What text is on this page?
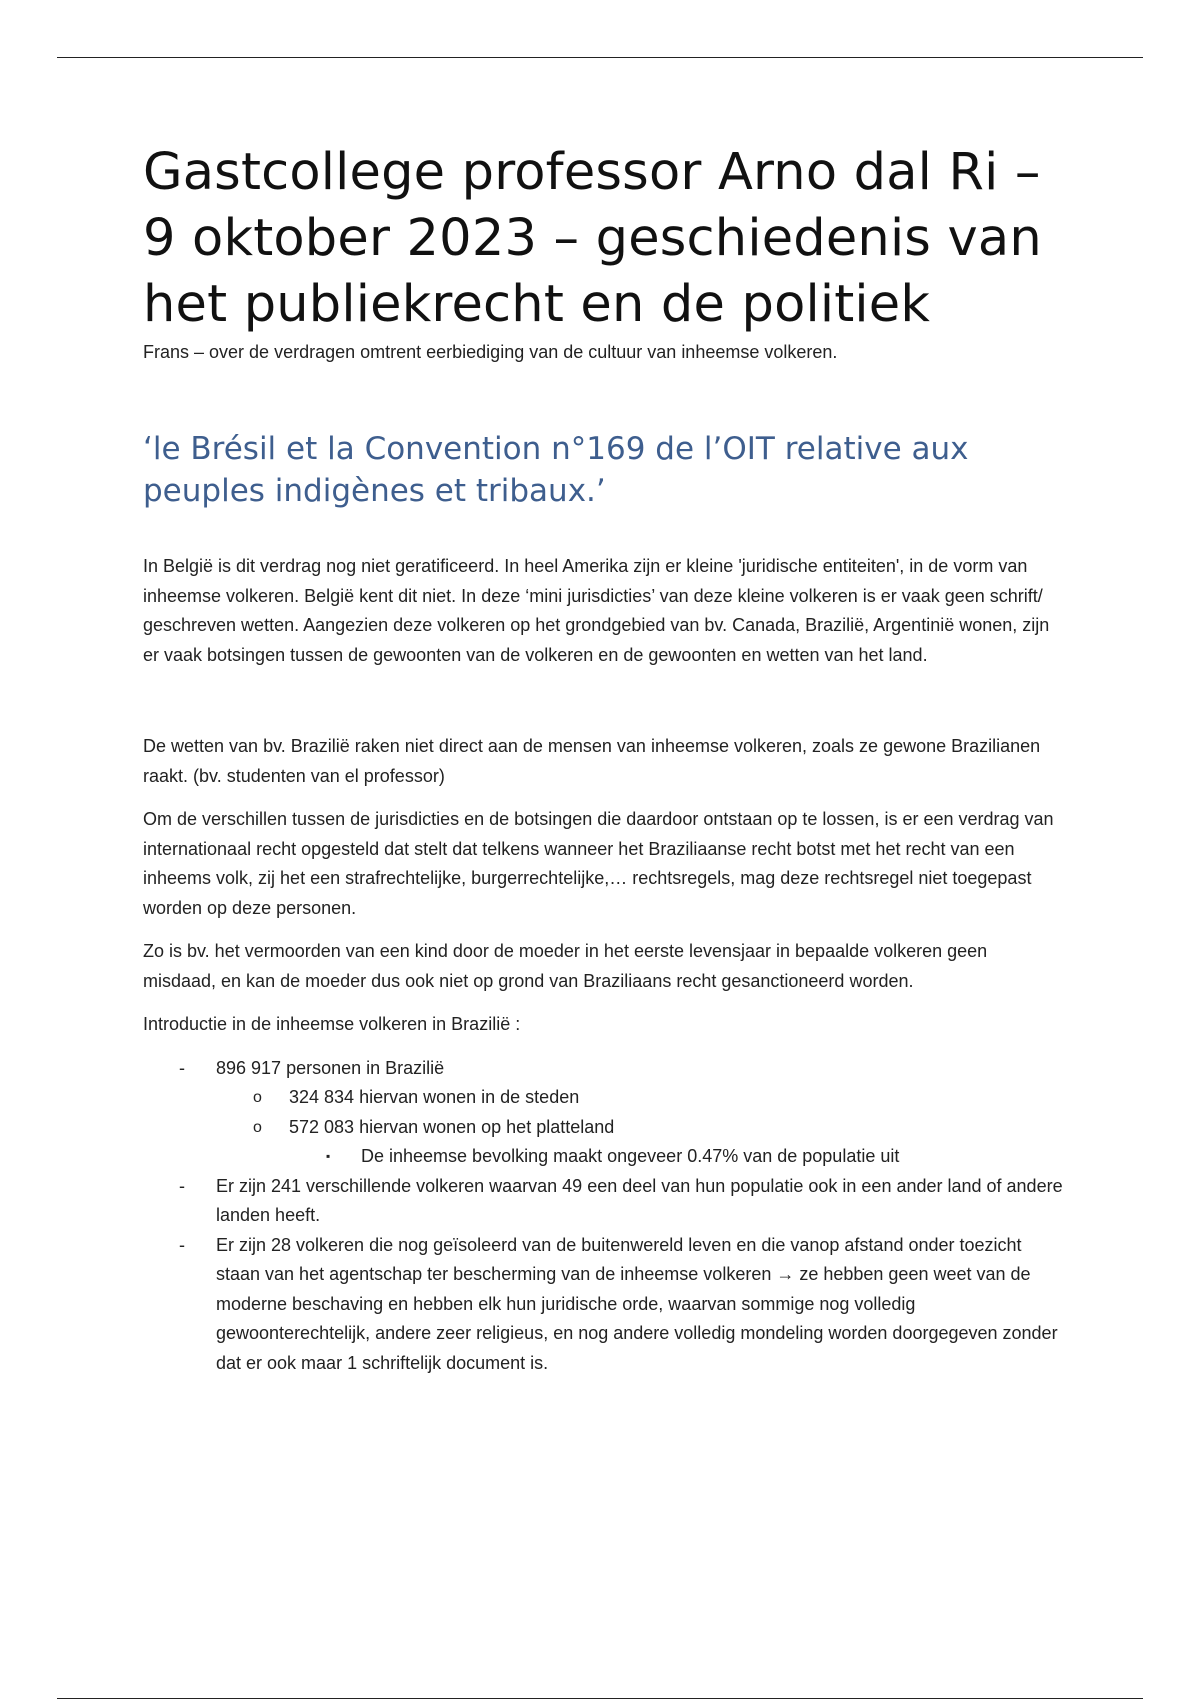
Gastcollege professor Arno dal Ri – 9 oktober 2023 – geschiedenis van het publiekrecht en de politiek

Frans – over de verdragen omtrent eerbiediging van de cultuur van inheemse volkeren.

‘le Brésil et la Convention n°169 de l’OIT relative aux peuples indigènes et tribaux.’

In België is dit verdrag nog niet geratificeerd. In heel Amerika zijn er kleine 'juridische entiteiten', in de vorm van inheemse volkeren. België kent dit niet. In deze ‘mini jurisdicties’ van deze kleine volkeren is er vaak geen schrift/ geschreven wetten. Aangezien deze volkeren op het grondgebied van bv. Canada, Brazilië, Argentinië wonen, zijn er vaak botsingen tussen de gewoonten van de volkeren en de gewoonten en wetten van het land.

De wetten van bv. Brazilië raken niet direct aan de mensen van inheemse volkeren, zoals ze gewone Brazilianen raakt. (bv. studenten van el professor)

Om de verschillen tussen de jurisdicties en de botsingen die daardoor ontstaan op te lossen, is er een verdrag van internationaal recht opgesteld dat stelt dat telkens wanneer het Braziliaanse recht botst met het recht van een inheems volk, zij het een strafrechtelijke, burgerrechtelijke,… rechtsregels, mag deze rechtsregel niet toegepast worden op deze personen.

Zo is bv. het vermoorden van een kind door de moeder in het eerste levensjaar in bepaalde volkeren geen misdaad, en kan de moeder dus ook niet op grond van Braziliaans recht gesanctioneerd worden.

Introductie in de inheemse volkeren in Brazilië :

- 896 917 personen in Brazilië
o 324 834 hiervan wonen in de steden
o 572 083 hiervan wonen op het platteland
▪ De inheemse bevolking maakt ongeveer 0.47% van de populatie uit
- Er zijn 241 verschillende volkeren waarvan 49 een deel van hun populatie ook in een ander land of andere landen heeft.
- Er zijn 28 volkeren die nog geïsoleerd van de buitenwereld leven en die vanop afstand onder toezicht staan van het agentschap ter bescherming van de inheemse volkeren → ze hebben geen weet van de moderne beschaving en hebben elk hun juridische orde, waarvan sommige nog volledig gewoonterechtelijk, andere zeer religieus, en nog andere volledig mondeling worden doorgegeven zonder dat er ook maar 1 schriftelijk document is.
